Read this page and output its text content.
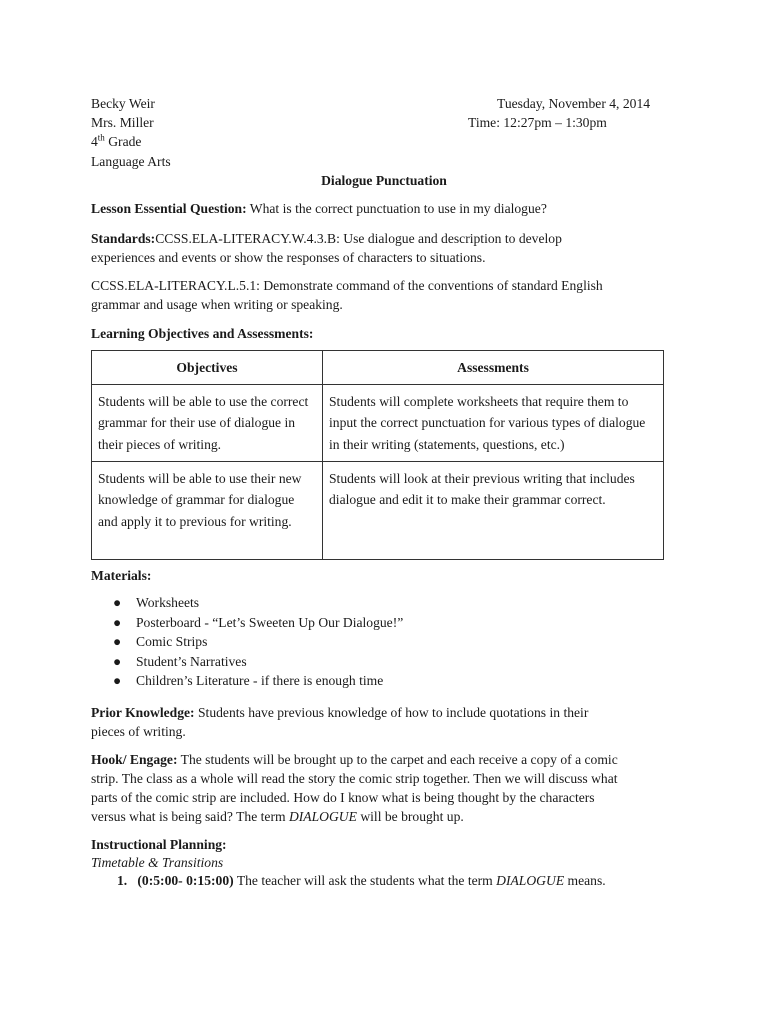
Becky Weir
Mrs. Miller
4th Grade
Language Arts
Tuesday, November 4, 2014
Time: 12:27pm – 1:30pm
Dialogue Punctuation
Lesson Essential Question: What is the correct punctuation to use in my dialogue?
Standards:CCSS.ELA-LITERACY.W.4.3.B: Use dialogue and description to develop
experiences and events or show the responses of characters to situations.
CCSS.ELA-LITERACY.L.5.1: Demonstrate command of the conventions of standard English
grammar and usage when writing or speaking.
Learning Objectives and Assessments:
Objectives	Assessments
Students will be able to use the correct grammar for their use of dialogue in their pieces of writing.	Students will complete worksheets that require them to input the correct punctuation for various types of dialogue in their writing (statements, questions, etc.)
Students will be able to use their new knowledge of grammar for dialogue and apply it to previous for writing.	Students will look at their previous writing that includes dialogue and edit it to make their grammar correct.
Materials:
● Worksheets
● Posterboard - “Let’s Sweeten Up Our Dialogue!”
● Comic Strips
● Student’s Narratives
● Children’s Literature - if there is enough time
Prior Knowledge: Students have previous knowledge of how to include quotations in their
pieces of writing.
Hook/ Engage: The students will be brought up to the carpet and each receive a copy of a comic
strip. The class as a whole will read the story the comic strip together. Then we will discuss what
parts of the comic strip are included. How do I know what is being thought by the characters
versus what is being said? The term DIALOGUE will be brought up.
Instructional Planning:
Timetable & Transitions
1. (0:5:00- 0:15:00) The teacher will ask the students what the term DIALOGUE means.
